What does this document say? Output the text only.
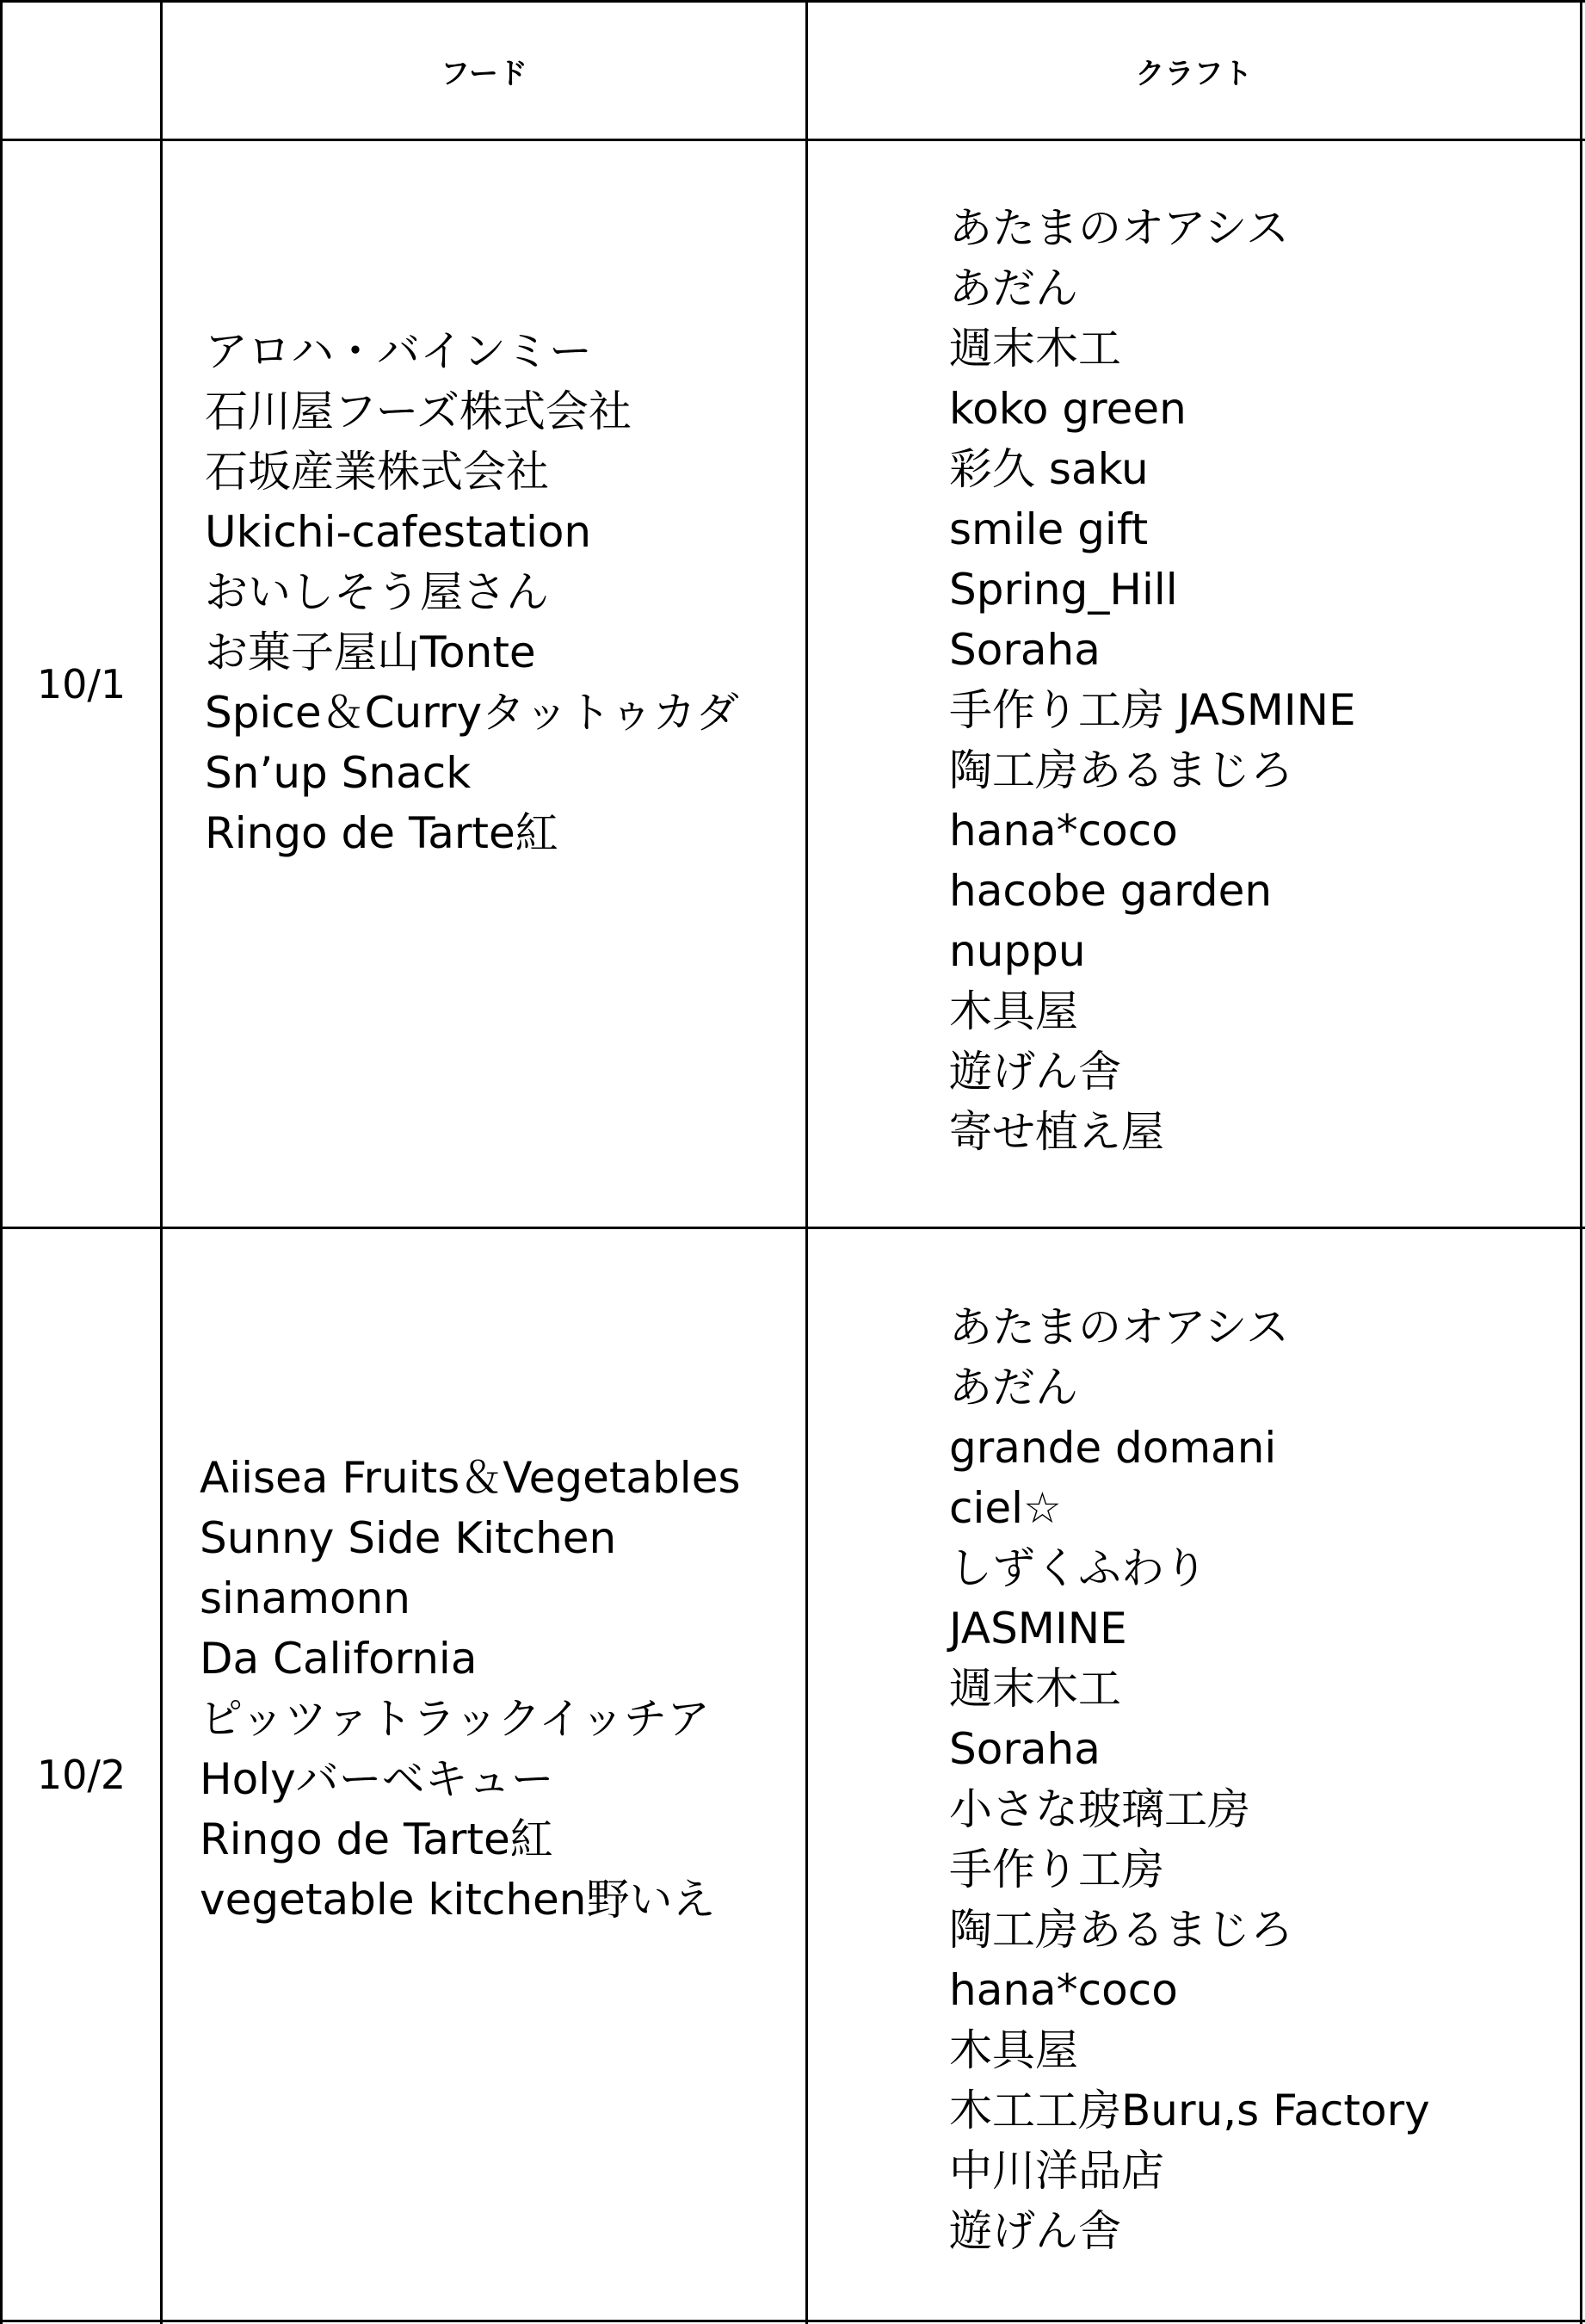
フード	クラフト
10/1
アロハ・バインミー
石川屋フーズ株式会社
石坂産業株式会社
Ukichi-cafestation
おいしそう屋さん
お菓子屋山Tonte
Spice＆Curryタットゥカダ
Sn’up Snack
Ringo de Tarte紅
あたまのオアシス
あだん
週末木工
koko green
彩久 saku
smile gift
Spring_Hill
Soraha
手作り工房 JASMINE
陶工房あるまじろ
hana*coco
hacobe garden
nuppu
木具屋
遊げん舎
寄せ植え屋
10/2
Aiisea Fruits＆Vegetables
Sunny Side Kitchen
sinamonn
Da California
ピッツァトラックイッチア
Holyバーベキュー
Ringo de Tarte紅
vegetable kitchen野いえ
あたまのオアシス
あだん
grande domani
ciel☆
しずくふわり
JASMINE
週末木工
Soraha
小さな玻璃工房
手作り工房
陶工房あるまじろ
hana*coco
木具屋
木工工房Buru,s Factory
中川洋品店
遊げん舎
